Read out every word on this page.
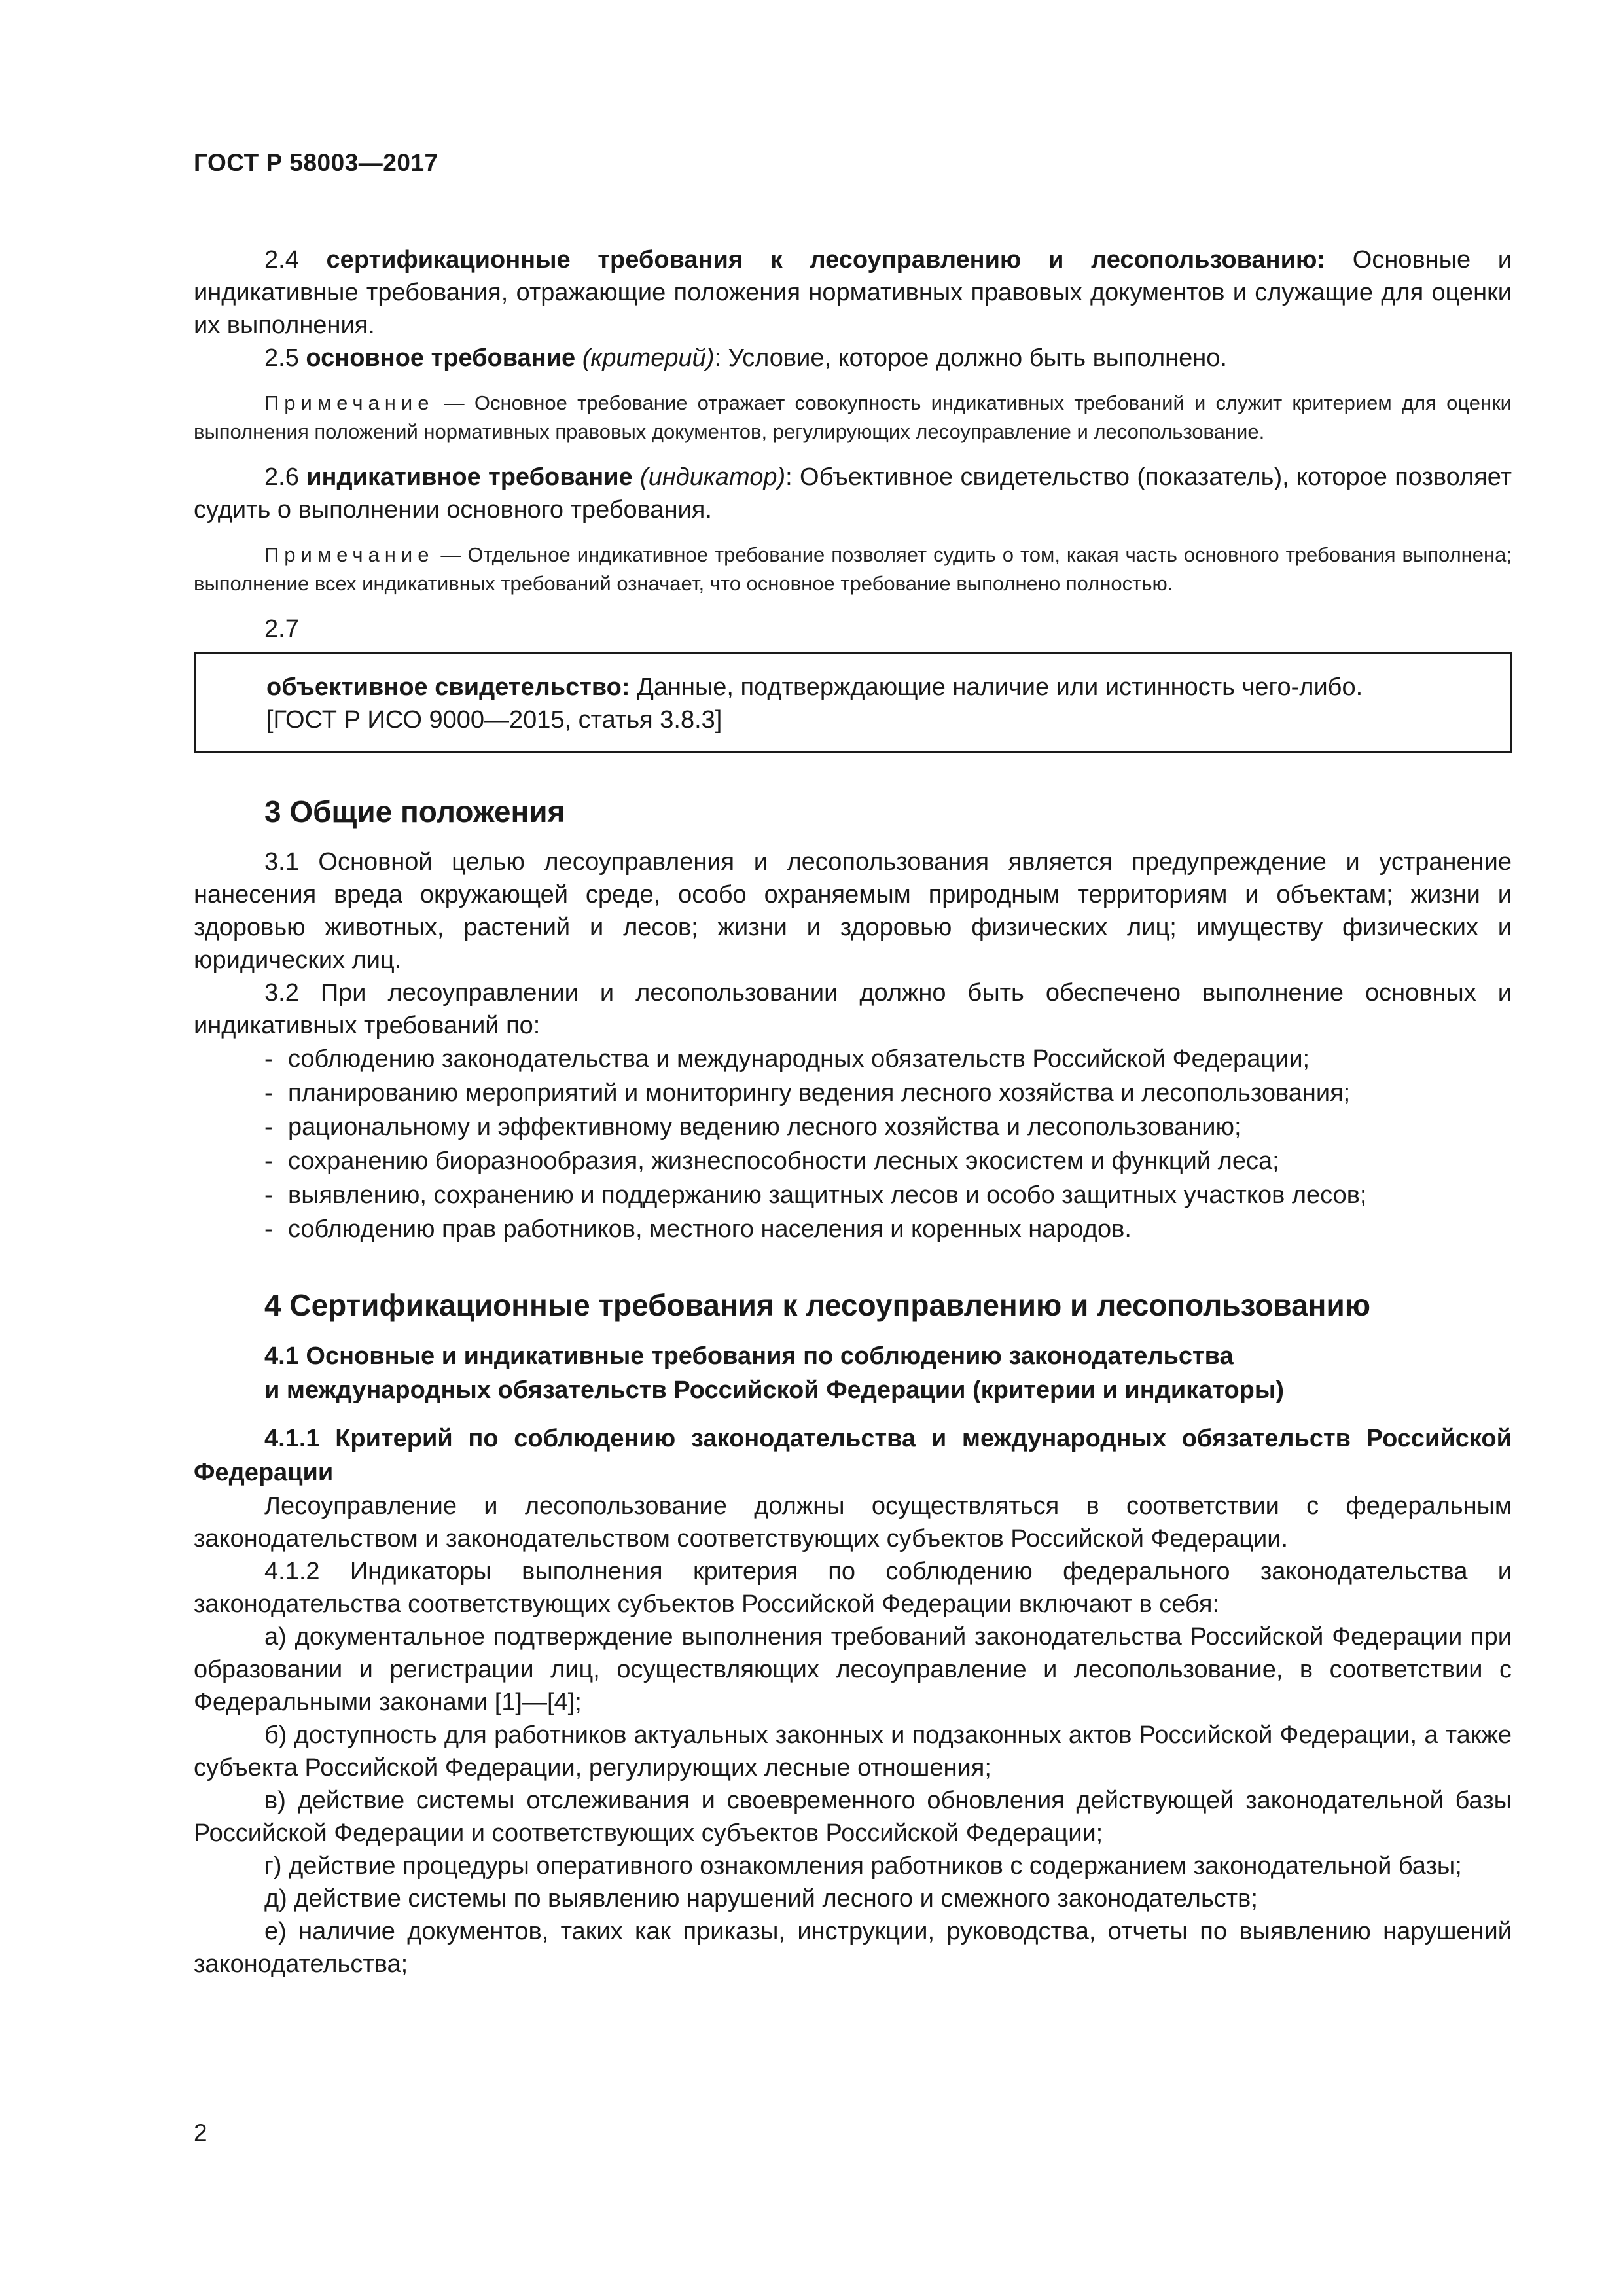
ГОСТ Р 58003—2017

2.4 сертификационные требования к лесоуправлению и лесопользованию: Основные и индикативные требования, отражающие положения нормативных правовых документов и служащие для оценки их выполнения.

2.5 основное требование (критерий): Условие, которое должно быть выполнено.

Примечание — Основное требование отражает совокупность индикативных требований и служит критерием для оценки выполнения положений нормативных правовых документов, регулирующих лесоуправление и лесопользование.

2.6 индикативное требование (индикатор): Объективное свидетельство (показатель), которое позволяет судить о выполнении основного требования.

Примечание — Отдельное индикативное требование позволяет судить о том, какая часть основного требования выполнена; выполнение всех индикативных требований означает, что основное требование выполнено полностью.

2.7

объективное свидетельство: Данные, подтверждающие наличие или истинность чего-либо.
[ГОСТ Р ИСО 9000—2015, статья 3.8.3]
3 Общие положения

3.1 Основной целью лесоуправления и лесопользования является предупреждение и устранение нанесения вреда окружающей среде, особо охраняемым природным территориям и объектам; жизни и здоровью животных, растений и лесов; жизни и здоровью физических лиц; имуществу физических и юридических лиц.

3.2 При лесоуправлении и лесопользовании должно быть обеспечено выполнение основных и индикативных требований по:

- соблюдению законодательства и международных обязательств Российской Федерации;
- планированию мероприятий и мониторингу ведения лесного хозяйства и лесопользования;
- рациональному и эффективному ведению лесного хозяйства и лесопользованию;
- сохранению биоразнообразия, жизнеспособности лесных экосистем и функций леса;
- выявлению, сохранению и поддержанию защитных лесов и особо защитных участков лесов;
- соблюдению прав работников, местного населения и коренных народов.
4 Сертификационные требования к лесоуправлению и лесопользованию
4.1 Основные и индикативные требования по соблюдению законодательства
и международных обязательств Российской Федерации (критерии и индикаторы)

4.1.1 Критерий по соблюдению законодательства и международных обязательств Российской Федерации

Лесоуправление и лесопользование должны осуществляться в соответствии с федеральным законодательством и законодательством соответствующих субъектов Российской Федерации.

4.1.2 Индикаторы выполнения критерия по соблюдению федерального законодательства и законодательства соответствующих субъектов Российской Федерации включают в себя:

а) документальное подтверждение выполнения требований законодательства Российской Федерации при образовании и регистрации лиц, осуществляющих лесоуправление и лесопользование, в соответствии с Федеральными законами [1]—[4];

б) доступность для работников актуальных законных и подзаконных актов Российской Федерации, а также субъекта Российской Федерации, регулирующих лесные отношения;

в) действие системы отслеживания и своевременного обновления действующей законодательной базы Российской Федерации и соответствующих субъектов Российской Федерации;

г) действие процедуры оперативного ознакомления работников с содержанием законодательной базы;

д) действие системы по выявлению нарушений лесного и смежного законодательств;

е) наличие документов, таких как приказы, инструкции, руководства, отчеты по выявлению нарушений законодательства;

2
